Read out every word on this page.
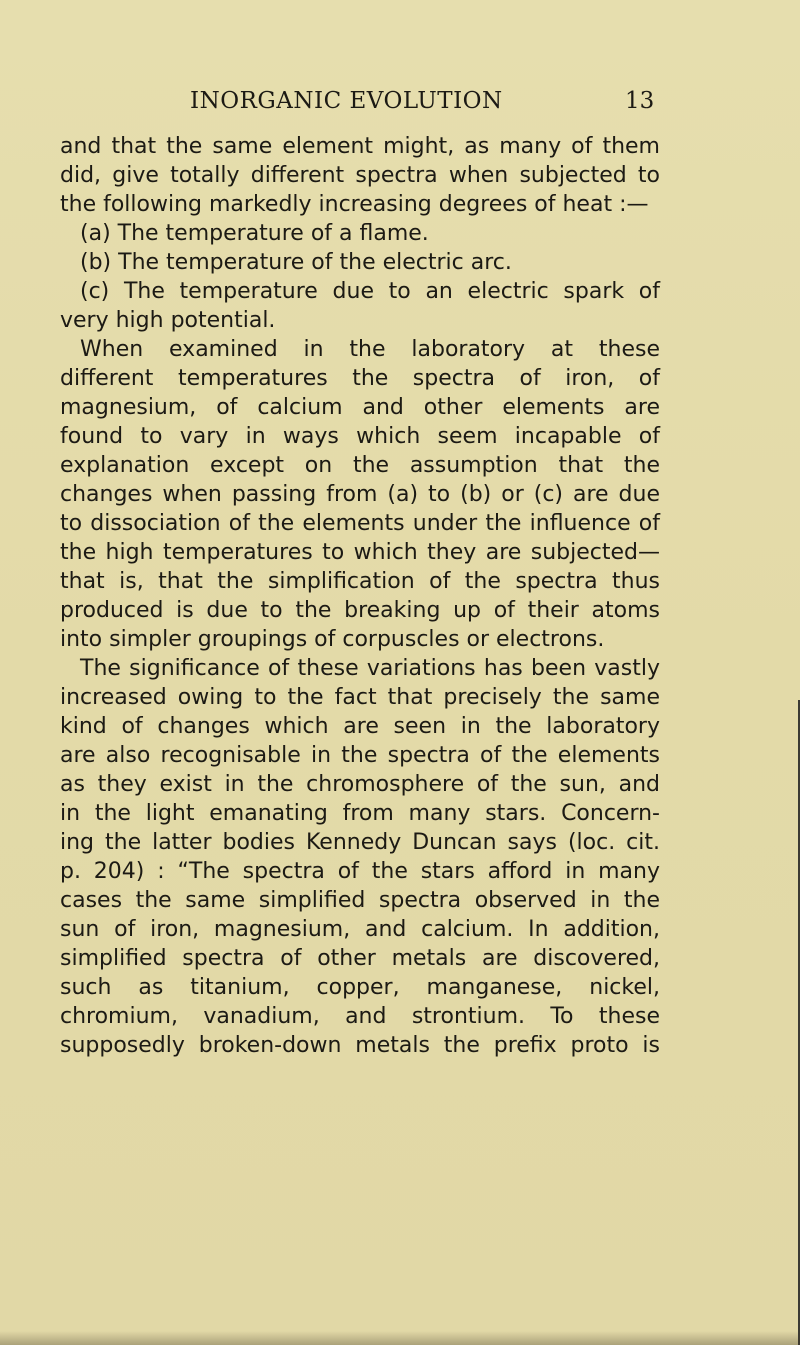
INORGANIC EVOLUTION	13
and that the same element might, as many of them
did, give totally different spectra when subjected to
the following markedly increasing degrees of heat :—
(a) The temperature of a flame.
(b) The temperature of the electric arc.
(c) The temperature due to an electric spark of
very high potential.
When examined in the laboratory at these
different temperatures the spectra of iron, of
magnesium, of calcium and other elements are
found to vary in ways which seem incapable of
explanation except on the assumption that the
changes when passing from (a) to (b) or (c) are due
to dissociation of the elements under the influence of
the high temperatures to which they are subjected—
that is, that the simplification of the spectra thus
produced is due to the breaking up of their atoms
into simpler groupings of corpuscles or electrons.
The significance of these variations has been vastly
increased owing to the fact that precisely the same
kind of changes which are seen in the laboratory
are also recognisable in the spectra of the elements
as they exist in the chromosphere of the sun, and
in the light emanating from many stars. Concern-
ing the latter bodies Kennedy Duncan says (loc. cit.
p. 204) : “The spectra of the stars afford in many
cases the same simplified spectra observed in the
sun of iron, magnesium, and calcium. In addition,
simplified spectra of other metals are discovered,
such as titanium, copper, manganese, nickel,
chromium, vanadium, and strontium. To these
supposedly broken-down metals the prefix proto is
